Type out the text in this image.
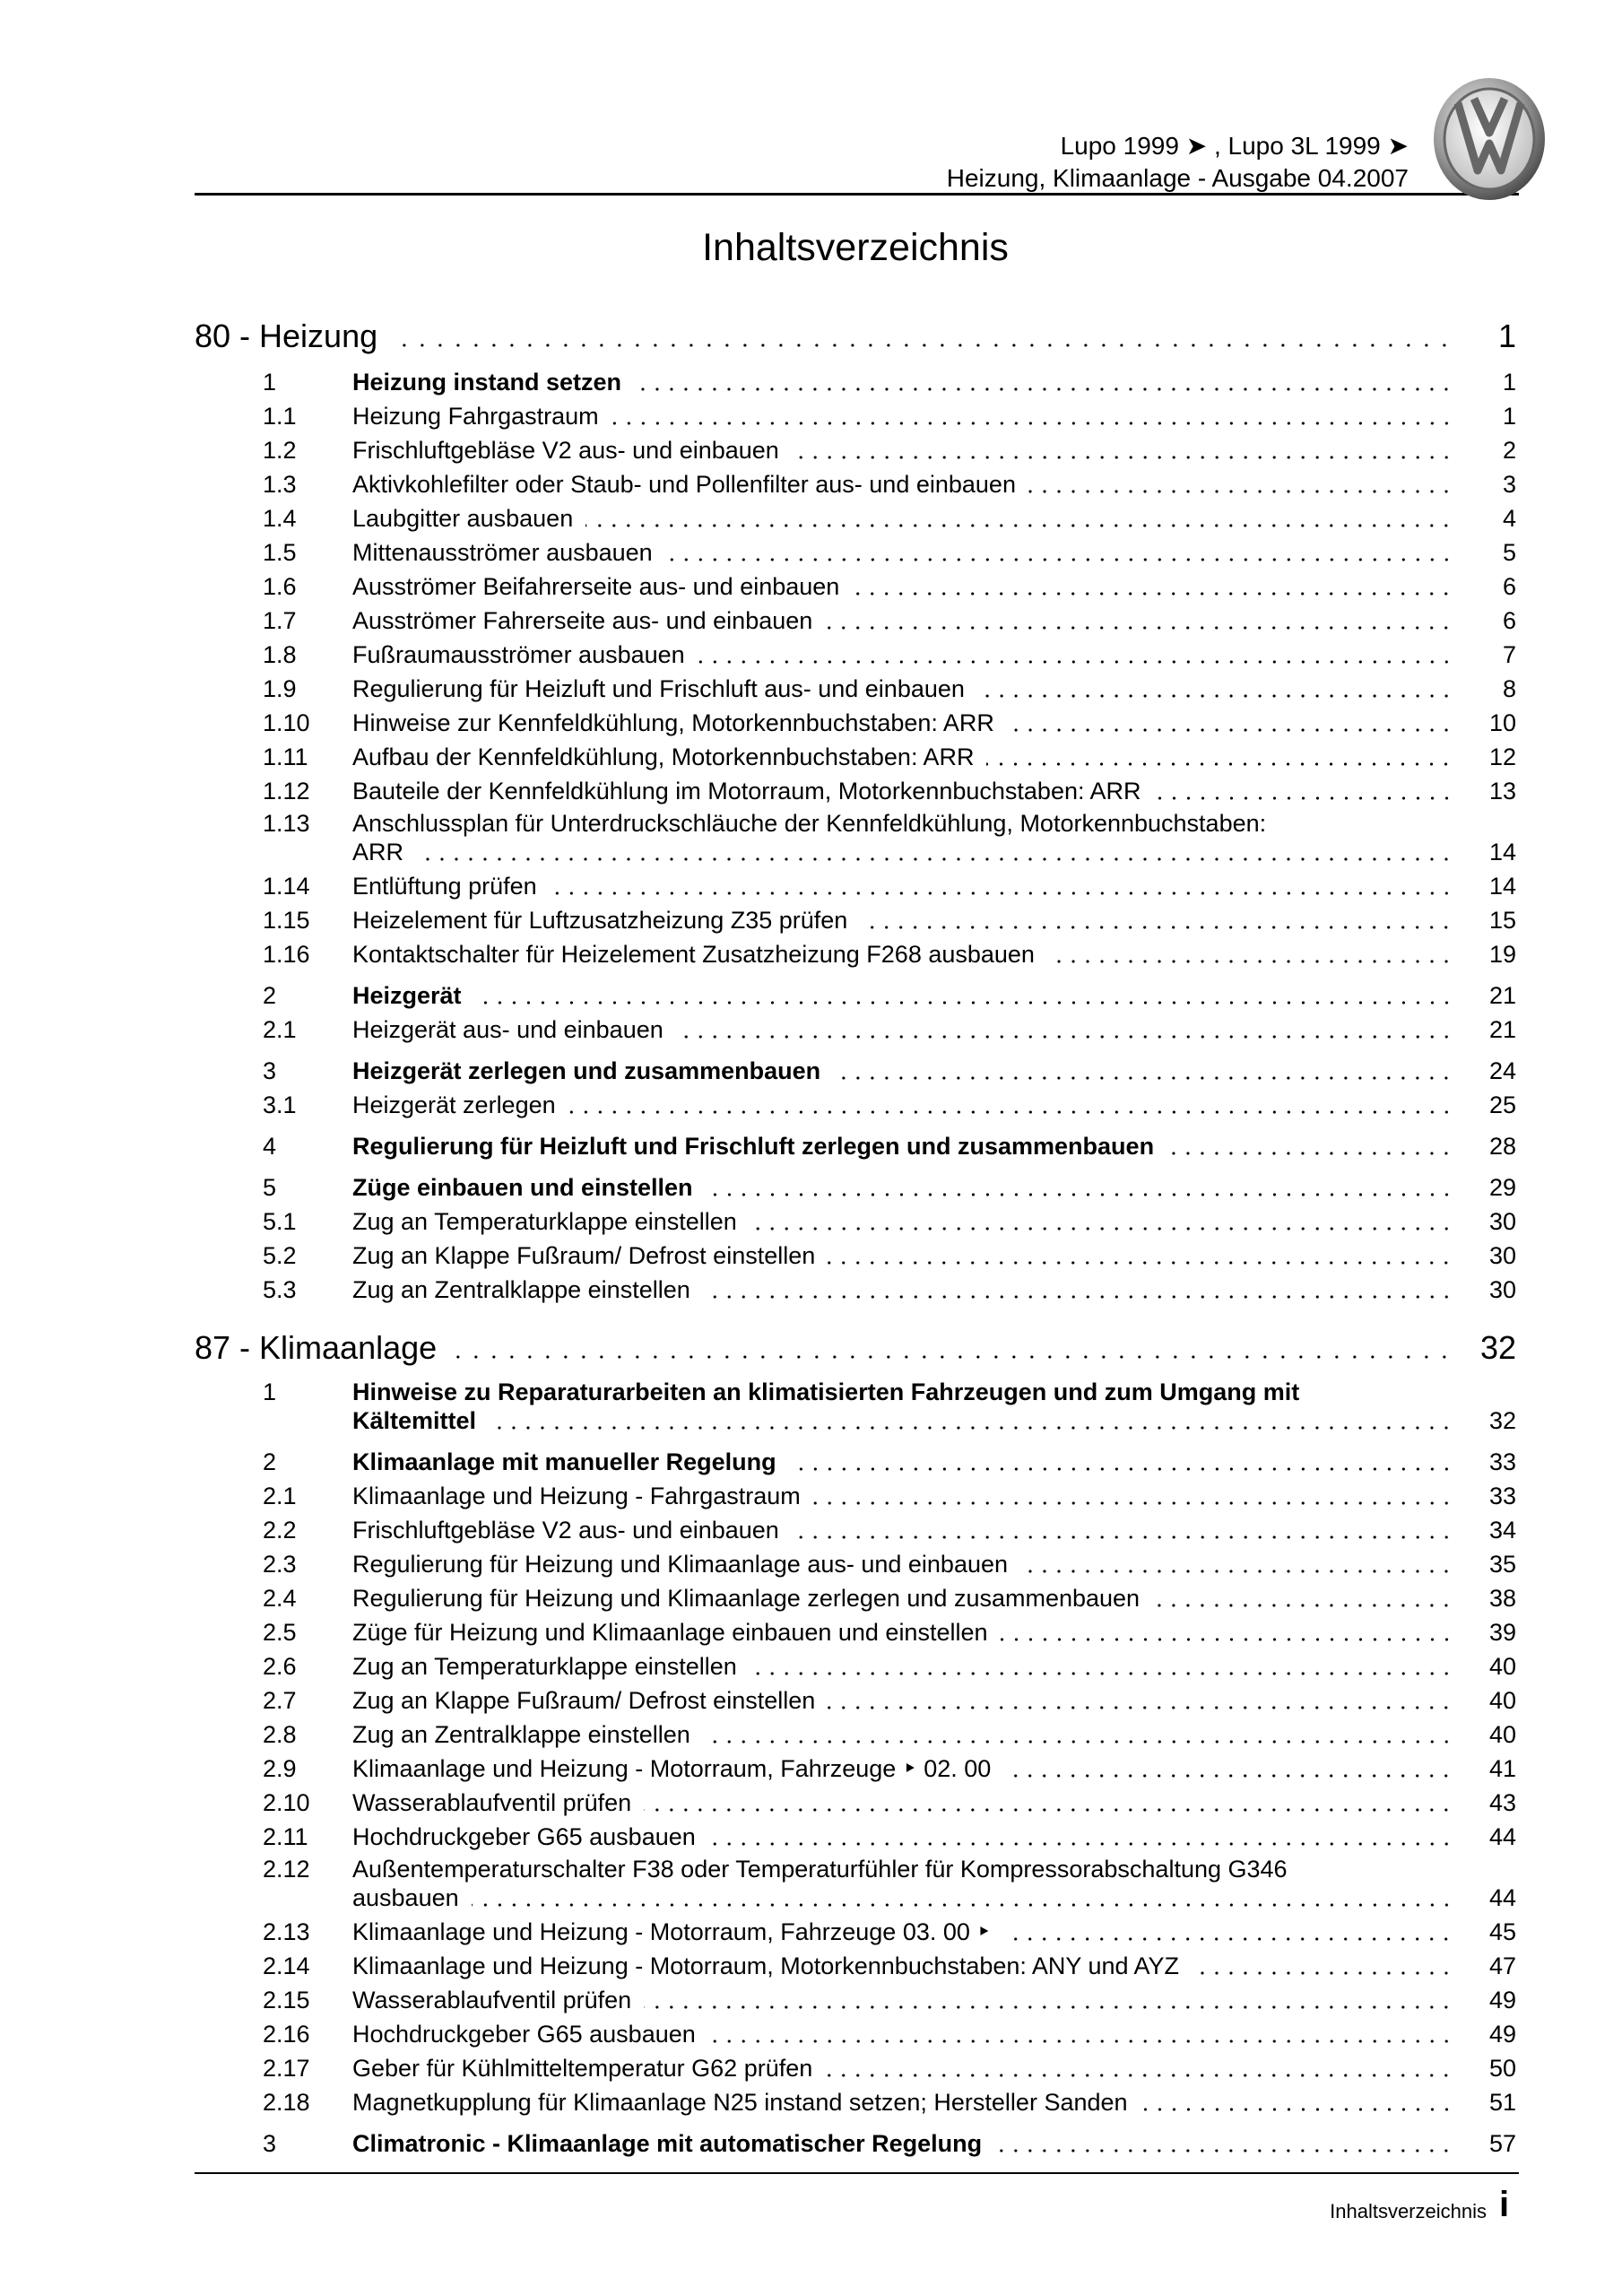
Lupo 1999 ➤ , Lupo 3L 1999 ➤
Heizung, Klimaanlage - Ausgabe 04.2007
Inhaltsverzeichnis
80 - Heizung	1
1	Heizung instand setzen	1
1.1	Heizung Fahrgastraum	1
1.2	Frischluftgebläse V2 aus- und einbauen	2
1.3	Aktivkohlefilter oder Staub- und Pollenfilter aus- und einbauen	3
1.4	Laubgitter ausbauen	4
1.5	Mittenausströmer ausbauen	5
1.6	Ausströmer Beifahrerseite aus- und einbauen	6
1.7	Ausströmer Fahrerseite aus- und einbauen	6
1.8	Fußraumausströmer ausbauen	7
1.9	Regulierung für Heizluft und Frischluft aus- und einbauen	8
1.10	Hinweise zur Kennfeldkühlung, Motorkennbuchstaben: ARR	10
1.11	Aufbau der Kennfeldkühlung, Motorkennbuchstaben: ARR	12
1.12	Bauteile der Kennfeldkühlung im Motorraum, Motorkennbuchstaben: ARR	13
1.13	Anschlussplan für Unterdruckschläuche der Kennfeldkühlung, Motorkennbuchstaben:
ARR	14
1.14	Entlüftung prüfen	14
1.15	Heizelement für Luftzusatzheizung Z35 prüfen	15
1.16	Kontaktschalter für Heizelement Zusatzheizung F268 ausbauen	19
2	Heizgerät	21
2.1	Heizgerät aus- und einbauen	21
3	Heizgerät zerlegen und zusammenbauen	24
3.1	Heizgerät zerlegen	25
4	Regulierung für Heizluft und Frischluft zerlegen und zusammenbauen	28
5	Züge einbauen und einstellen	29
5.1	Zug an Temperaturklappe einstellen	30
5.2	Zug an Klappe Fußraum/ Defrost einstellen	30
5.3	Zug an Zentralklappe einstellen	30
87 - Klimaanlage	32
1	Hinweise zu Reparaturarbeiten an klimatisierten Fahrzeugen und zum Umgang mit
Kältemittel	32
2	Klimaanlage mit manueller Regelung	33
2.1	Klimaanlage und Heizung - Fahrgastraum	33
2.2	Frischluftgebläse V2 aus- und einbauen	34
2.3	Regulierung für Heizung und Klimaanlage aus- und einbauen	35
2.4	Regulierung für Heizung und Klimaanlage zerlegen und zusammenbauen	38
2.5	Züge für Heizung und Klimaanlage einbauen und einstellen	39
2.6	Zug an Temperaturklappe einstellen	40
2.7	Zug an Klappe Fußraum/ Defrost einstellen	40
2.8	Zug an Zentralklappe einstellen	40
2.9	Klimaanlage und Heizung - Motorraum, Fahrzeuge ‣ 02. 00	41
2.10	Wasserablaufventil prüfen	43
2.11	Hochdruckgeber G65 ausbauen	44
2.12	Außentemperaturschalter F38 oder Temperaturfühler für Kompressorabschaltung G346
ausbauen	44
2.13	Klimaanlage und Heizung - Motorraum, Fahrzeuge 03. 00 ‣	45
2.14	Klimaanlage und Heizung - Motorraum, Motorkennbuchstaben: ANY und AYZ	47
2.15	Wasserablaufventil prüfen	49
2.16	Hochdruckgeber G65 ausbauen	49
2.17	Geber für Kühlmitteltemperatur G62 prüfen	50
2.18	Magnetkupplung für Klimaanlage N25 instand setzen; Hersteller Sanden	51
3	Climatronic - Klimaanlage mit automatischer Regelung	57
Inhaltsverzeichnis i
